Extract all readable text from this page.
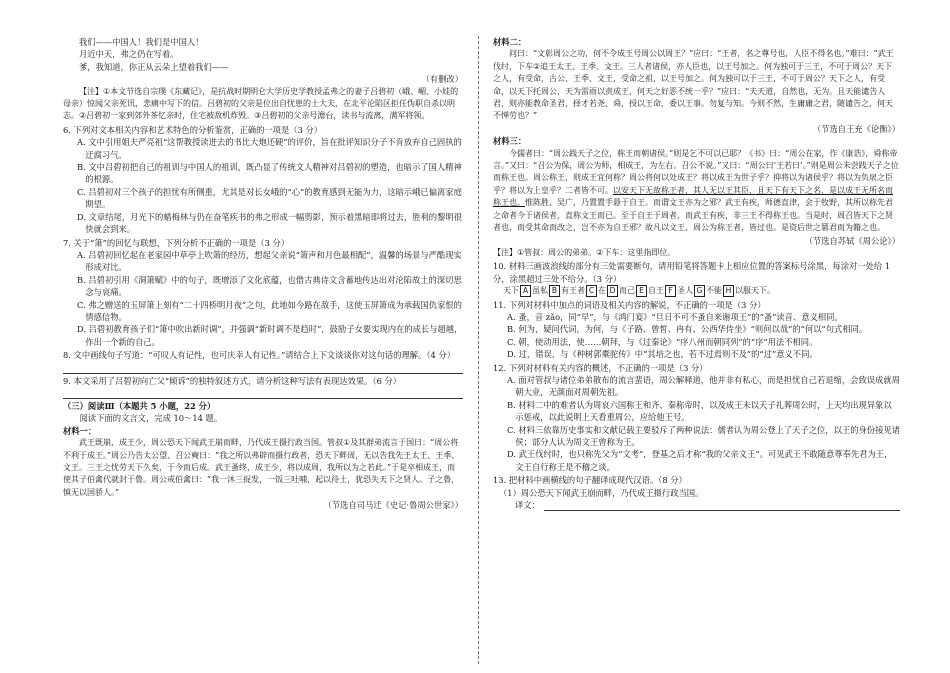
我们——中国人！我们是中国人！

月近中天，弗之仍在写着。

爹，我知道，你正从云朵上望着我们——

（有删改）

【注】①本文节选自宗璞《东藏记》，是抗战时期明仑大学历史学教授孟弗之的妻子吕碧初（峨、嵋、小娃的母亲）惊闻父亲死讯，悲痛中写下的信。吕碧初的父亲是位出自忧患的士大夫，在北平沦陷区拒任伪职自杀以明志。②吕碧初一家到郊外茶忆亲时，住宅被敌机炸毁。③吕碧初的父亲号澹台，读书与流离，满军将领。

6. 下列对文本相关内容和艺术特色的分析鉴赏，正确的一项是（3 分）

A. 文中引用姐夫严亮祖“这帮教授读进去的书比大炮还硬”的评价，旨在批评知识分子不肯放弃自己固执的迂腐习气。

B. 文中吕碧初把自己的祖训与中国人的祖训，既凸显了传统文人精神对吕碧初的塑造，也暗示了国人精神的根源。

C. 吕碧初对三个孩子的担忧有所侧重，尤其是对长女峨的“心”的教育感到无能为力，这暗示峨已偏离家庭期望。

D. 文章结尾，月光下的蜡梅林与仍在奋笔疾书的弗之形成一幅剪影，预示着黑暗即将过去，胜利的黎明很快就会到来。

7. 关于“箫”的回忆与联想，下列分析不正确的一项是（3 分）

A. 吕碧初回忆起在老家园中草亭上吹箫的经历，想起父亲说“箫声和月色最相配”，温馨的场景与严酷现实形成对比。

B. 吕碧初引用《洞箫赋》中的句子，既增添了文化底蕴，也借古典诗文含蓄地传达出对沦陷故土的深切思念与哀痛。

C. 弗之赠送的玉屏箫上刻有“二十四桥明月夜”之句，此地如今路在敌手，这使玉屏箫成为承载国仇家恨的情感信物。

D. 吕碧初教育孩子们“箫中吹出新时调”，并强调“新时调不是趋时”，鼓励子女要实现内在的成长与超越，作出一个新的自己。

8. 文中画线句子写道：“可叹人有记性，也可庆幸人有记性。”请结合上下文谈谈你对这句话的理解。（4 分）

9. 本文采用了吕碧初向亡父“倾诉”的独特叙述方式，请分析这种写法有表现达效果。（6 分）

（三）阅读Ⅲ（本题共 5 小题，22 分）

阅读下面的文言文，完成 10～14 题。

材料一：

武王既崩，成王少，周公恐天下闻武王崩而畔，乃代成王摄行政当国。管叔①及其群弟流言于国曰：“周公将不利于成王。”周公乃告太公望、召公奭曰：“我之所以弗辟而摄行政者，恐天下畔周，无以告我先王太王、王季、文王。三王之忧劳天下久矣，于今而后成。武王蚤终，成王少，将以成周，我所以为之若此。”于是卒相成王，而使其子伯禽代就封于鲁。周公戒伯禽曰：“我一沐三捉发，一饭三吐哺，起以待士，犹恐失天下之贤人。子之鲁，慎无以国骄人。”

（节选自司马迁《史记·鲁周公世家》）

材料二：

问曰：“文彰周公之功，何不令成王号周公以周王？”应曰：“王者，名之尊号也，人臣不得名也。”难曰：“武王伐纣，下车②追王太王、王季、文王。三人者诸侯，亦人臣也，以王号加之。何为独可于三王，不可于周公？天下之人，有受命，古公、王季、文王，受命之祖，以王号加之。何为独可以于三王，不可于周公？天下之人，有受命，以天下托周公，天为雷雨以责成王，何天之好恶不统一乎？”应曰：“夫天道，自然也，无为。且天能谴告人君，则亦能教命圣君，择才若尧、舜，授以王命，委以王事。勿复与知。今则不然，生庸庸之君，随谴告之，何天不惮劳也？”

（节选自王充《论衡》）

材料三：

今儒者曰：“周公践天子之位，称王而朝诸侯。”则是乞不可以已耶？《书》曰：“周公在家，作《康诰》，舜称帝言。”又曰：“召公为保，周公为师，相成王，为左右。召公不说。”又曰：“周公曰‘王若曰’。”则是周公未尝践天子之位而称王也。周公称王，则成王宜何称？周公将何以处成王？将以成王为世子乎？抑将以为诸侯乎？将以为负扆之臣乎？将以为上皇乎？二者皆不可。以安天下无故称王者，其人无以王其臣，且天下有天下之名，是以成王无所名而称王也。惟陈胜、吴广，乃置置手悬于自王。而谓文王亦为之邪？武王有疾，师德直津，会于牧野，其所以称先君之命者今于诸侯者，直称文王而已。至于自王于周者，而武王有疾，非三王不得称王也。当是时，周召皆天下之贤者也，而受其命而改之，岂不亦为自王邪？故凡以文王、周公为称王者，皆过也。是资后世之篡君而为籍之也。

（节选自苏轼《周公论》）

【注】①管叔：周公的弟弟。②下车：这里指即位。

10. 材料三画波浪线的部分有三处需要断句，请用铅笔将答题卡上相应位置的答案标号涂黑，每涂对一处给 1 分，涂黑超过三处不给分。（3 分）

天下 A 虽私 B 有王者 C 在 D 而己 E 自王 F 圣人 G 不能 H 以服天下。

11. 下列对材料中加点的词语及相关内容的解说，不正确的一项是（3 分）

A. 蚤，音 zǎo，同“早”，与《鸿门宴》“旦日不可不蚤自来谢项王”的“蚤”读音、意义相同。

B. 何为，疑问代词，为何，与《子路、曾皙、冉有、公西华侍坐》“则何以哉”的“何以”句式相同。

C. 朝，使动用法，使……朝拜，与《过秦论》“序八州而朝同列”的“序”用法不相同。

D. 过，错误，与《种树郭橐驼传》中“其培之也，若不过焉则不及”的“过”意义不同。

12. 下列对材料有关内容的概述，不正确的一项是（3 分）

A. 面对管叔与诸位弟弟散布的流言蜚语，周公解释道，他并非有私心，而是担忧自己若退缩，会致误成就周朝大业，无颜面对周朝先祖。

B. 材料二中的难者认为周哀六国称王和齐、秦称帝时，以及成王未以天子礼葬周公时，上天均出现异象以示惩戒，以此说明上天看重周公，应给他王号。

C. 材料三依靠历史事实和文献记载主要驳斥了两种说法：儒者认为周公登上了天子之位，以王的身份接见诸侯；部分人认为周文王曾称为王。

D. 武王伐纣时，也只称先父为“文考”，登基之后才称“我的父亲文王”。可见武王不敢随意尊奉先君为王，文王自行称王是不稽之谈。

13. 把材料中画横线的句子翻译成现代汉语。（8 分）

（1）周公恐天下闻武王崩而畔，乃代成王摄行政当国。

译文：
